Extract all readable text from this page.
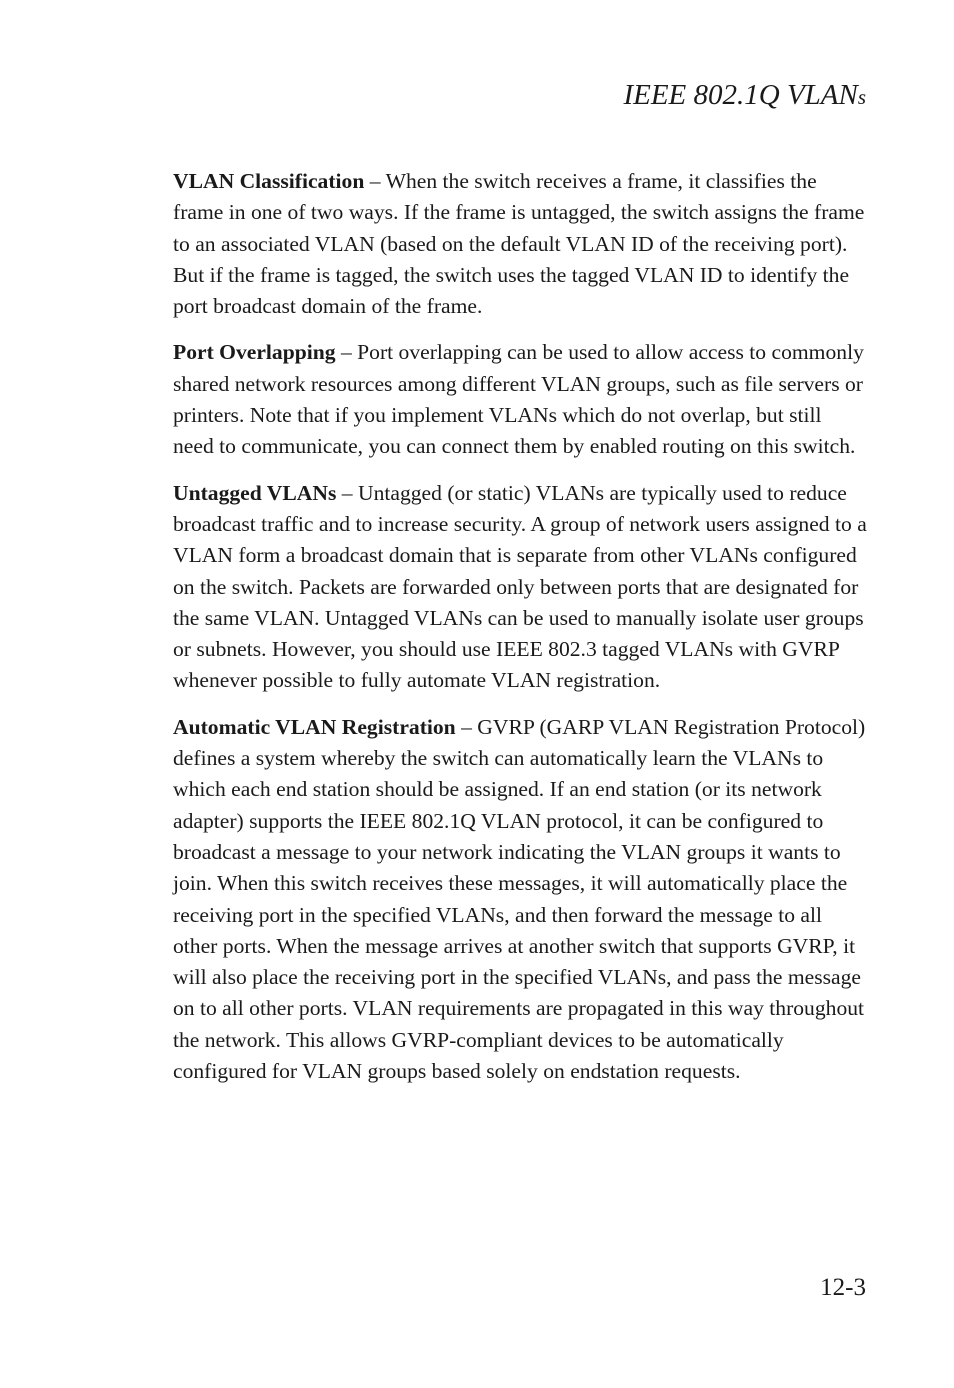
IEEE 802.1Q VLANs

VLAN Classification – When the switch receives a frame, it classifies the frame in one of two ways. If the frame is untagged, the switch assigns the frame to an associated VLAN (based on the default VLAN ID of the receiving port). But if the frame is tagged, the switch uses the tagged VLAN ID to identify the port broadcast domain of the frame.

Port Overlapping – Port overlapping can be used to allow access to commonly shared network resources among different VLAN groups, such as file servers or printers. Note that if you implement VLANs which do not overlap, but still need to communicate, you can connect them by enabled routing on this switch.

Untagged VLANs – Untagged (or static) VLANs are typically used to reduce broadcast traffic and to increase security. A group of network users assigned to a VLAN form a broadcast domain that is separate from other VLANs configured on the switch. Packets are forwarded only between ports that are designated for the same VLAN. Untagged VLANs can be used to manually isolate user groups or subnets. However, you should use IEEE 802.3 tagged VLANs with GVRP whenever possible to fully automate VLAN registration.

Automatic VLAN Registration – GVRP (GARP VLAN Registration Protocol) defines a system whereby the switch can automatically learn the VLANs to which each end station should be assigned. If an end station (or its network adapter) supports the IEEE 802.1Q VLAN protocol, it can be configured to broadcast a message to your network indicating the VLAN groups it wants to join. When this switch receives these messages, it will automatically place the receiving port in the specified VLANs, and then forward the message to all other ports. When the message arrives at another switch that supports GVRP, it will also place the receiving port in the specified VLANs, and pass the message on to all other ports. VLAN requirements are propagated in this way throughout the network. This allows GVRP-compliant devices to be automatically configured for VLAN groups based solely on endstation requests.

12-3
